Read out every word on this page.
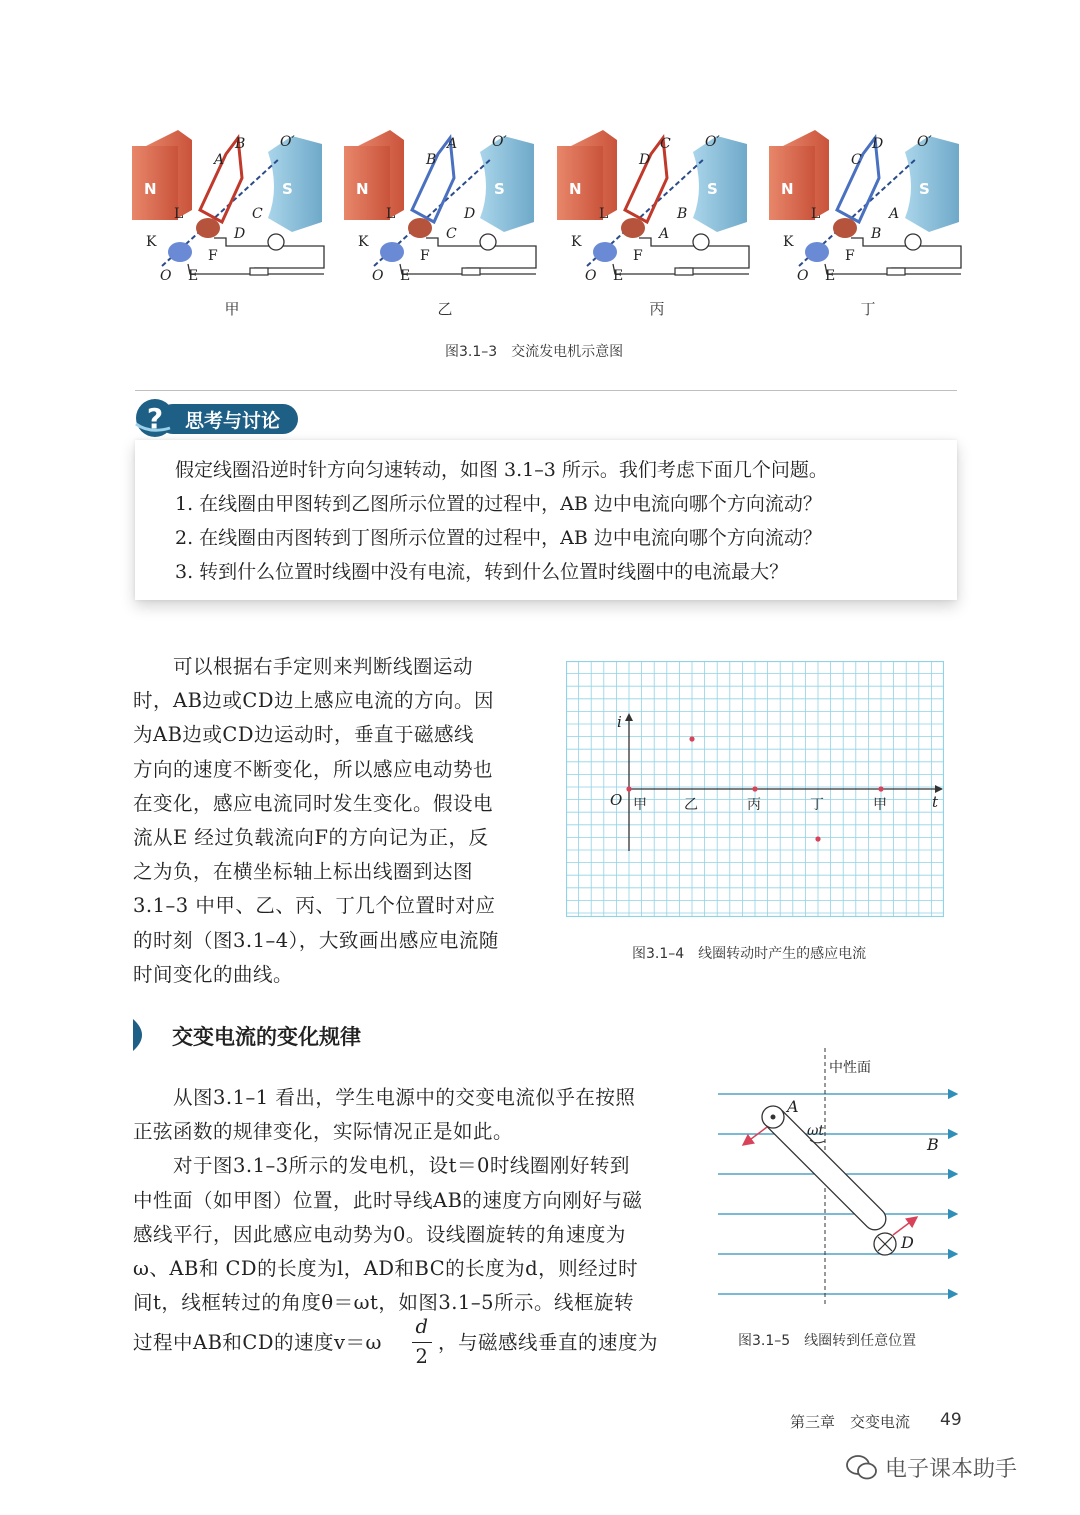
N	S
B
A
C
D
O′
O
L
K
F
E
N	S
A
B
D
C
O′
O
L
K
F
E
N	S
C
D
B
A
O′
O
L
K
F
E
N	S
D
C
A
B
O′
O
L
K
F
E
甲	乙	丙	丁
图3.1–3　交流发电机示意图
? 思考与讨论
假定线圈沿逆时针方向匀速转动，如图 3.1–3 所示。我们考虑下面几个问题。
1. 在线圈由甲图转到乙图所示位置的过程中，AB 边中电流向哪个方向流动？
2. 在线圈由丙图转到丁图所示位置的过程中，AB 边中电流向哪个方向流动？
3. 转到什么位置时线圈中没有电流，转到什么位置时线圈中的电流最大？
　　可以根据右手定则来判断线圈运动
时，AB边或CD边上感应电流的方向。因
为AB边或CD边运动时，垂直于磁感线
方向的速度不断变化，所以感应电动势也
在变化，感应电流同时发生变化。假设电
流从E 经过负载流向F的方向记为正，反
之为负，在横坐标轴上标出线圈到达图
3.1–3 中甲、乙、丙、丁几个位置时对应
的时刻（图3.1–4），大致画出感应电流随
时间变化的曲线。
t
i
O 甲	乙	丙	丁	甲
图3.1–4　线圈转动时产生的感应电流
交变电流的变化规律
　　从图3.1–1 看出，学生电源中的交变电流似乎在按照
正弦函数的规律变化，实际情况正是如此。
　　对于图3.1–3所示的发电机，设t＝0时线圈刚好转到
中性面（如甲图）位置，此时导线AB的速度方向刚好与磁
感线平行，因此感应电动势为0。设线圈旋转的角速度为
ω、AB和 CD的长度为l，AD和BC的长度为d，则经过时
间t，线框转过的角度θ＝ωt，如图3.1–5所示。线框旋转
过程中AB和CD的速度v＝ω
d
2
，与磁感线垂直的速度为
中性面
A
D
B
ωt
图3.1–5　线圈转到任意位置
第三章　交变电流 49
电子课本助手
